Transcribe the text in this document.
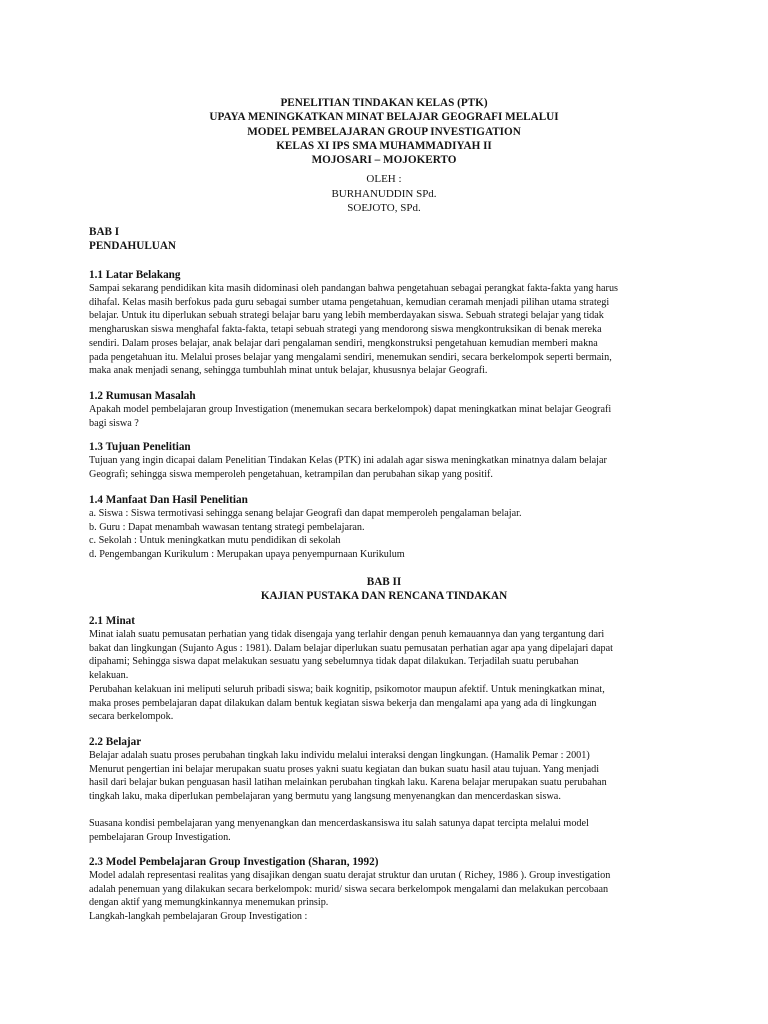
PENELITIAN TINDAKAN KELAS (PTK)
UPAYA MENINGKATKAN MINAT BELAJAR GEOGRAFI MELALUI
MODEL PEMBELAJARAN GROUP INVESTIGATION
KELAS XI IPS SMA MUHAMMADIYAH II
MOJOSARI – MOJOKERTO
OLEH :
BURHANUDDIN SPd.
SOEJOTO, SPd.
BAB I
PENDAHULUAN
1.1 Latar Belakang
Sampai sekarang pendidikan kita masih didominasi oleh pandangan bahwa pengetahuan sebagai perangkat fakta-fakta yang harus
dihafal. Kelas masih berfokus pada guru sebagai sumber utama pengetahuan, kemudian ceramah menjadi pilihan utama strategi
belajar. Untuk itu diperlukan sebuah strategi belajar baru yang lebih memberdayakan siswa. Sebuah strategi belajar yang tidak
mengharuskan siswa menghafal fakta-fakta, tetapi sebuah strategi yang mendorong siswa mengkontruksikan di benak mereka
sendiri. Dalam proses belajar, anak belajar dari pengalaman sendiri, mengkonstruksi pengetahuan kemudian memberi makna
pada pengetahuan itu. Melalui proses belajar yang mengalami sendiri, menemukan sendiri, secara berkelompok seperti bermain,
maka anak menjadi senang, sehingga tumbuhlah minat untuk belajar, khususnya belajar Geografi.
1.2 Rumusan Masalah
Apakah model pembelajaran group Investigation (menemukan secara berkelompok) dapat meningkatkan minat belajar Geografi
bagi siswa ?
1.3 Tujuan Penelitian
Tujuan yang ingin dicapai dalam Penelitian Tindakan Kelas (PTK) ini adalah agar siswa meningkatkan minatnya dalam belajar
Geografi; sehingga siswa memperoleh pengetahuan, ketrampilan dan perubahan sikap yang positif.
1.4 Manfaat Dan Hasil Penelitian
a. Siswa : Siswa termotivasi sehingga senang belajar Geografi dan dapat memperoleh pengalaman belajar.
b. Guru : Dapat menambah wawasan tentang strategi pembelajaran.
c. Sekolah : Untuk meningkatkan mutu pendidikan di sekolah
d. Pengembangan Kurikulum : Merupakan upaya penyempurnaan Kurikulum
BAB II
KAJIAN PUSTAKA DAN RENCANA TINDAKAN
2.1 Minat
Minat ialah suatu pemusatan perhatian yang tidak disengaja yang terlahir dengan penuh kemauannya dan yang tergantung dari
bakat dan lingkungan (Sujanto Agus : 1981). Dalam belajar diperlukan suatu pemusatan perhatian agar apa yang dipelajari dapat
dipahami; Sehingga siswa dapat melakukan sesuatu yang sebelumnya tidak dapat dilakukan. Terjadilah suatu perubahan
kelakuan.
Perubahan kelakuan ini meliputi seluruh pribadi siswa; baik kognitip, psikomotor maupun afektif. Untuk meningkatkan minat,
maka proses pembelajaran dapat dilakukan dalam bentuk kegiatan siswa bekerja dan mengalami apa yang ada di lingkungan
secara berkelompok.
2.2 Belajar
Belajar adalah suatu proses perubahan tingkah laku individu melalui interaksi dengan lingkungan. (Hamalik Pemar : 2001)
Menurut pengertian ini belajar merupakan suatu proses yakni suatu kegiatan dan bukan suatu hasil atau tujuan. Yang menjadi
hasil dari belajar bukan penguasan hasil latihan melainkan perubahan tingkah laku. Karena belajar merupakan suatu perubahan
tingkah laku, maka diperlukan pembelajaran yang bermutu yang langsung menyenangkan dan mencerdaskan siswa.
Suasana kondisi pembelajaran yang menyenangkan dan mencerdaskansiswa itu salah satunya dapat tercipta melalui model
pembelajaran Group Investigation.
2.3 Model Pembelajaran Group Investigation (Sharan, 1992)
Model adalah representasi realitas yang disajikan dengan suatu derajat struktur dan urutan ( Richey, 1986 ). Group investigation
adalah penemuan yang dilakukan secara berkelompok: murid/ siswa secara berkelompok mengalami dan melakukan percobaan
dengan aktif yang memungkinkannya menemukan prinsip.
Langkah-langkah pembelajaran Group Investigation :
